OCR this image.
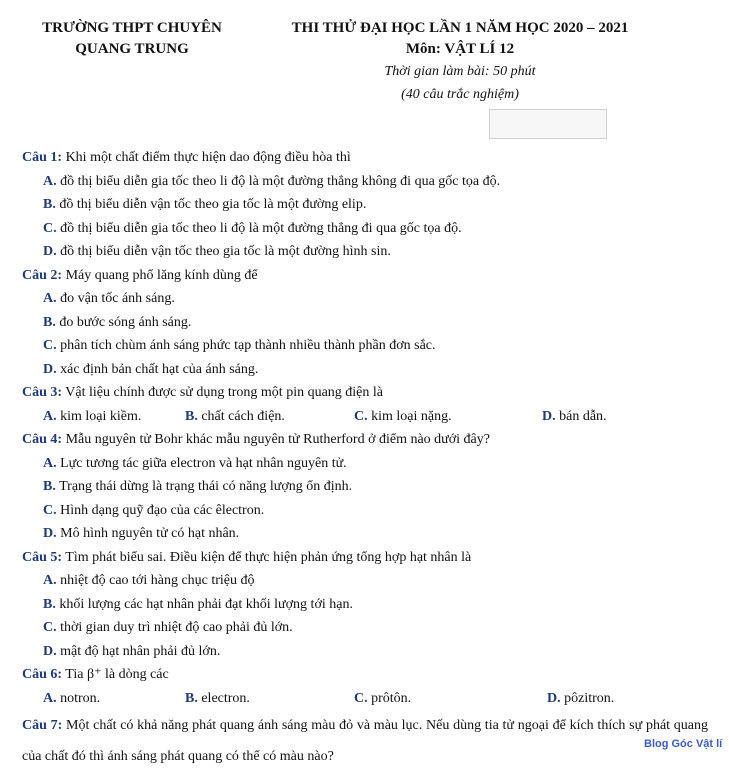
TRƯỜNG THPT CHUYÊN
QUANG TRUNG
THI THỬ ĐẠI HỌC LẦN 1 NĂM HỌC 2020 – 2021
Môn: VẬT LÍ 12
Thời gian làm bài: 50 phút
(40 câu trắc nghiệm)
Câu 1: Khi một chất điểm thực hiện dao động điều hòa thì
A. đồ thị biểu diễn gia tốc theo li độ là một đường thẳng không đi qua gốc tọa độ.
B. đồ thị biểu diễn vận tốc theo gia tốc là một đường elip.
C. đồ thị biểu diễn gia tốc theo li độ là một đường thẳng đi qua gốc tọa độ.
D. đồ thị biểu diễn vận tốc theo gia tốc là một đường hình sin.
Câu 2: Máy quang phổ lăng kính dùng để
A. đo vận tốc ánh sáng.
B. đo bước sóng ánh sáng.
C. phân tích chùm ánh sáng phức tạp thành nhiều thành phần đơn sắc.
D. xác định bản chất hạt của ánh sáng.
Câu 3: Vật liệu chính được sử dụng trong một pin quang điện là
A. kim loại kiềm.	B. chất cách điện.	C. kim loại nặng.	D. bán dẫn.
Câu 4: Mẫu nguyên tử Bohr khác mẫu nguyên tử Rutherford ở điểm nào dưới đây?
A. Lực tương tác giữa electron và hạt nhân nguyên tử.
B. Trạng thái dừng là trạng thái có năng lượng ổn định.
C. Hình dạng quỹ đạo của các êlectron.
D. Mô hình nguyên tử có hạt nhân.
Câu 5: Tìm phát biểu sai. Điều kiện để thực hiện phản ứng tổng hợp hạt nhân là
A. nhiệt độ cao tới hàng chục triệu độ
B. khối lượng các hạt nhân phải đạt khối lượng tới hạn.
C. thời gian duy trì nhiệt độ cao phải đủ lớn.
D. mật độ hạt nhân phải đủ lớn.
Câu 6: Tia β⁺ là dòng các
A. notron.	B. electron.	C. prôtôn.	D. pôzitron.
Câu 7: Một chất có khả năng phát quang ánh sáng màu đỏ và màu lục. Nếu dùng tia tử ngoại để kích thích sự phát quang của chất đó thì ánh sáng phát quang có thể có màu nào?
Blog Góc Vật lí
